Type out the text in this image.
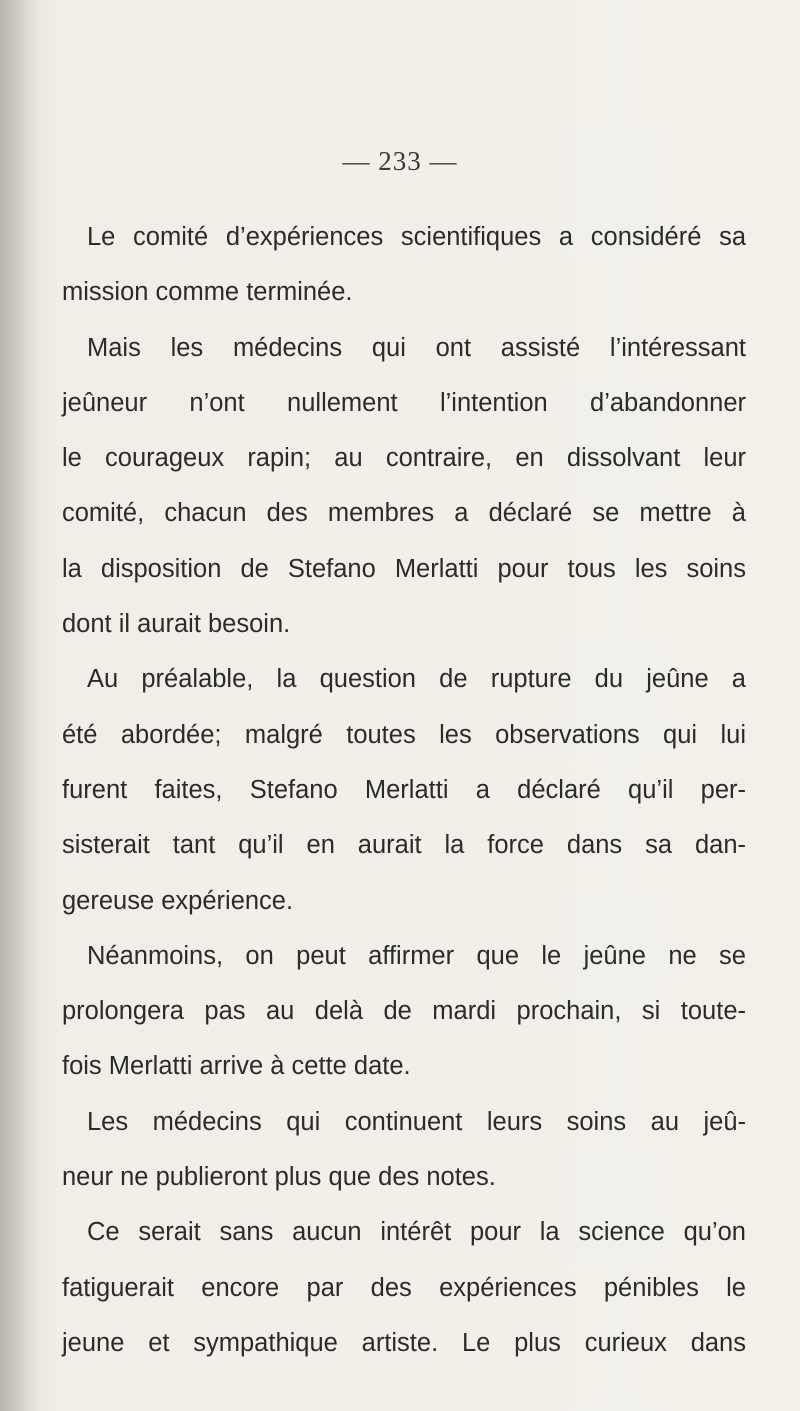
— 233 —
Le comité d’expériences scientifiques a considéré sa
mission comme terminée.
Mais les médecins qui ont assisté l’intéressant
jeûneur n’ont nullement l’intention d’abandonner
le courageux rapin; au contraire, en dissolvant leur
comité, chacun des membres a déclaré se mettre à
la disposition de Stefano Merlatti pour tous les soins
dont il aurait besoin.
Au préalable, la question de rupture du jeûne a
été abordée; malgré toutes les observations qui lui
furent faites, Stefano Merlatti a déclaré qu’il per-
sisterait tant qu’il en aurait la force dans sa dan-
gereuse expérience.
Néanmoins, on peut affirmer que le jeûne ne se
prolongera pas au delà de mardi prochain, si toute-
fois Merlatti arrive à cette date.
Les médecins qui continuent leurs soins au jeû-
neur ne publieront plus que des notes.
Ce serait sans aucun intérêt pour la science qu’on
fatiguerait encore par des expériences pénibles le
jeune et sympathique artiste. Le plus curieux dans
